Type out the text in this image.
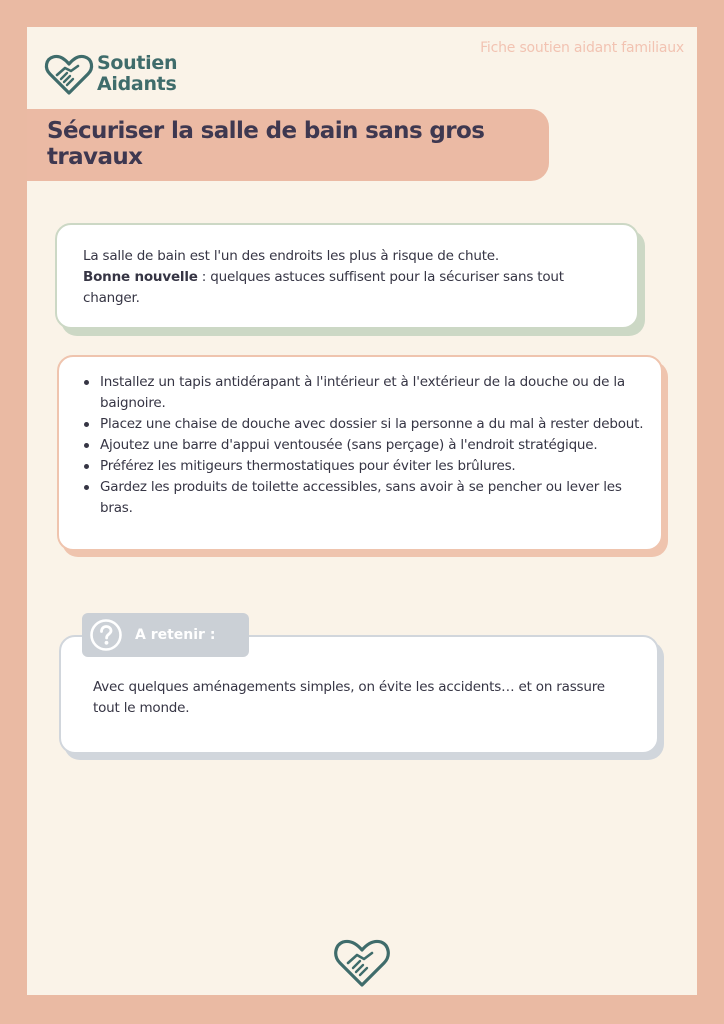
Fiche soutien aidant familiaux
Soutien
Aidants
Sécuriser la salle de bain sans gros travaux
La salle de bain est l'un des endroits les plus à risque de chute.
Bonne nouvelle : quelques astuces suffisent pour la sécuriser sans tout changer.
Installez un tapis antidérapant à l'intérieur et à l'extérieur de la douche ou de la baignoire.
Placez une chaise de douche avec dossier si la personne a du mal à rester debout.
Ajoutez une barre d'appui ventousée (sans perçage) à l'endroit stratégique.
Préférez les mitigeurs thermostatiques pour éviter les brûlures.
Gardez les produits de toilette accessibles, sans avoir à se pencher ou lever les bras.
Avec quelques aménagements simples, on évite les accidents… et on rassure tout le monde.
A retenir :
